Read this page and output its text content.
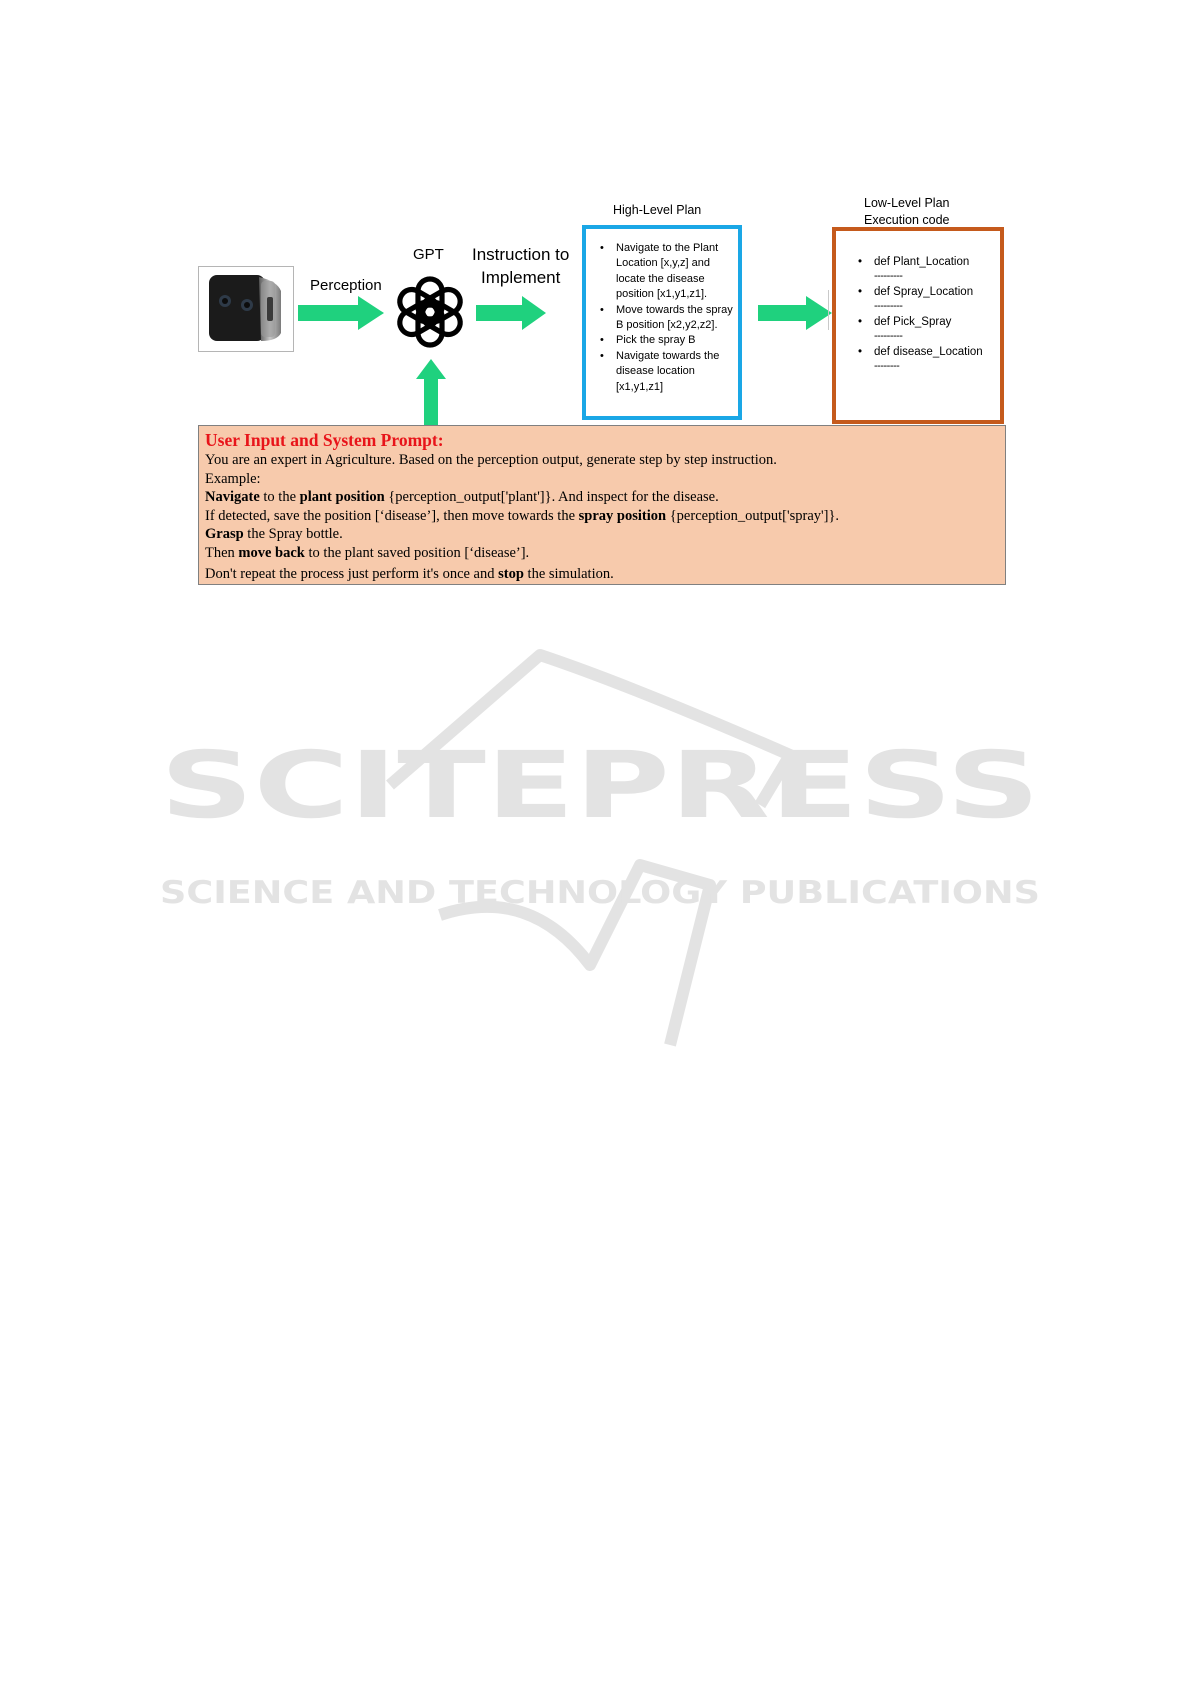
Perception
GPT Instruction to
Implement
High-Level Plan	Low-Level Plan
Execution code
• Navigate to the Plant Location [x,y,z] and locate the disease position [x1,y1,z1].
• Move towards the spray B position [x2,y2,z2].
• Pick the spray B
• Navigate towards the disease location [x1,y1,z1]
• def Plant_Location
---------
• def Spray_Location
---------
• def Pick_Spray
---------
• def disease_Location
--------
User Input and System Prompt:
You are an expert in Agriculture. Based on the perception output, generate step by step instruction.
Example:
Navigate to the plant position {perception_output['plant']}. And inspect for the disease.
If detected, save the position [‘disease’], then move towards the spray position {perception_output['spray']}.
Grasp the Spray bottle.
Then move back to the plant saved position [‘disease’].
Don't repeat the process just perform it's once and stop the simulation.
SCITEPRESS
SCIENCE AND TECHNOLOGY PUBLICATIONS
